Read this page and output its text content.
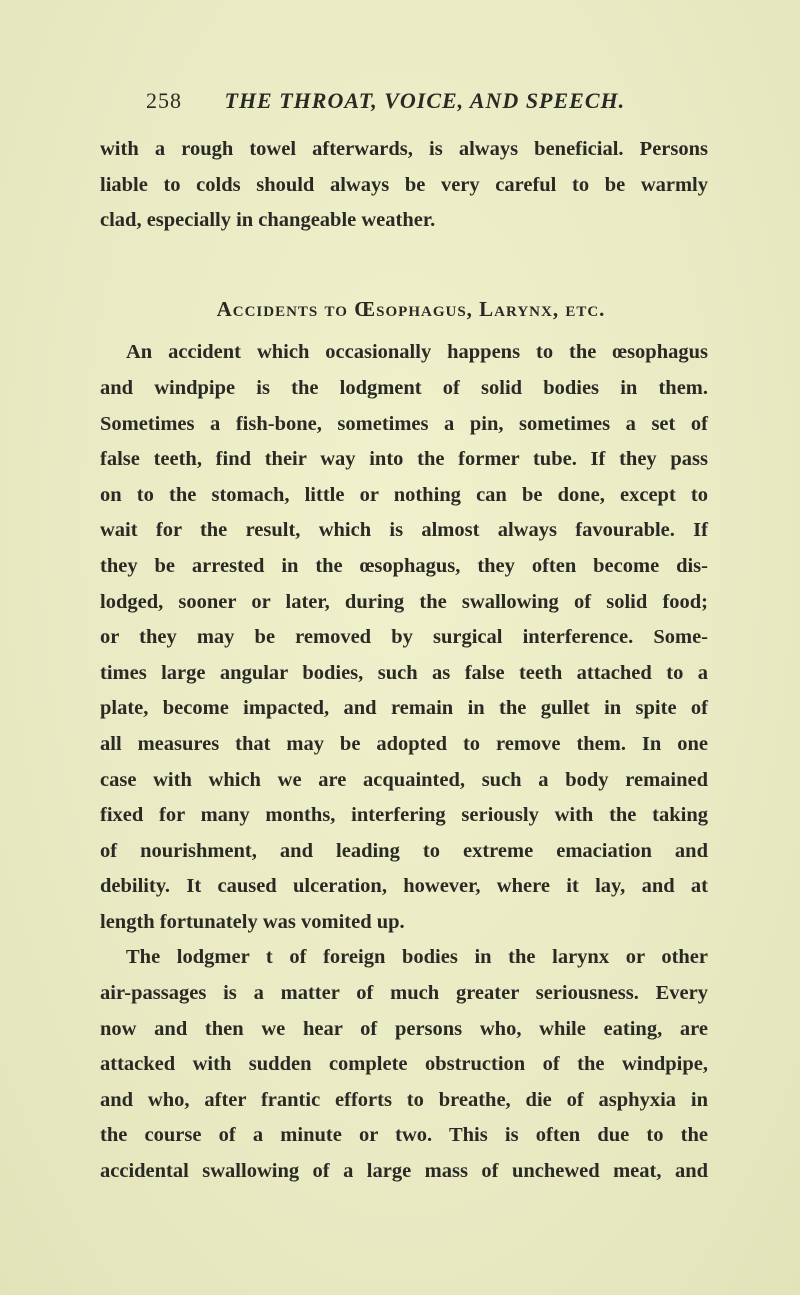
258 THE THROAT, VOICE, AND SPEECH.
with a rough towel afterwards, is always beneficial. Persons
liable to colds should always be very careful to be warmly
clad, especially in changeable weather.
Accidents to Œsophagus, Larynx, etc.
An accident which occasionally happens to the œsophagus
and windpipe is the lodgment of solid bodies in them.
Sometimes a fish-bone, sometimes a pin, sometimes a set of
false teeth, find their way into the former tube. If they pass
on to the stomach, little or nothing can be done, except to
wait for the result, which is almost always favourable. If
they be arrested in the œsophagus, they often become dis-
lodged, sooner or later, during the swallowing of solid food;
or they may be removed by surgical interference. Some-
times large angular bodies, such as false teeth attached to a
plate, become impacted, and remain in the gullet in spite of
all measures that may be adopted to remove them. In one
case with which we are acquainted, such a body remained
fixed for many months, interfering seriously with the taking
of nourishment, and leading to extreme emaciation and
debility. It caused ulceration, however, where it lay, and at
length fortunately was vomited up.
The lodgmer t of foreign bodies in the larynx or other
air-passages is a matter of much greater seriousness. Every
now and then we hear of persons who, while eating, are
attacked with sudden complete obstruction of the windpipe,
and who, after frantic efforts to breathe, die of asphyxia in
the course of a minute or two. This is often due to the
accidental swallowing of a large mass of unchewed meat, and
